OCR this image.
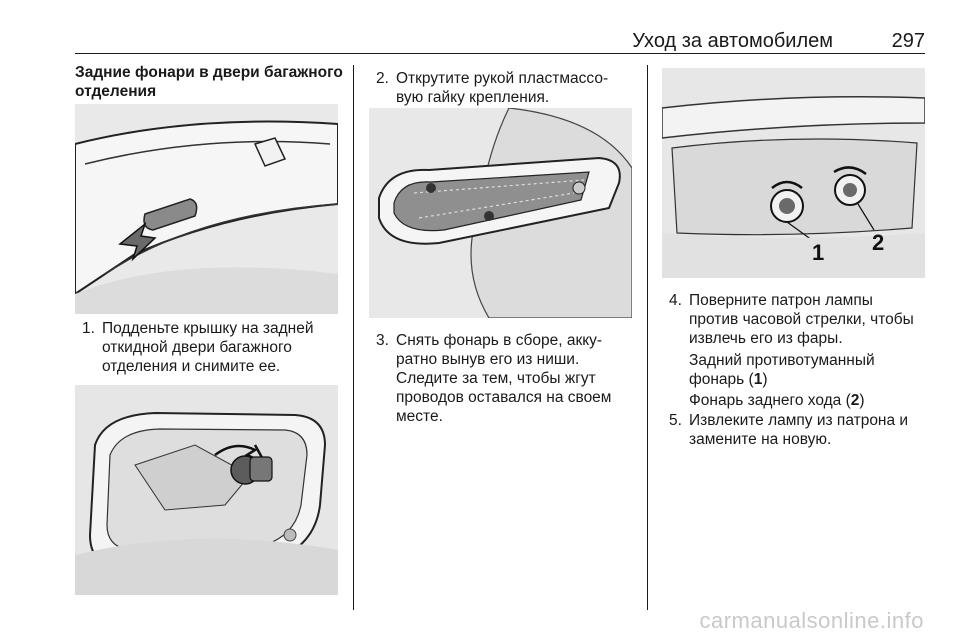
Уход за автомобилем	297
Задние фонари в двери багажного отделения
1. Подденьте крышку на задней откидной двери багажного отделения и снимите ее.
2. Открутите рукой пластмассо-вую гайку крепления.
3. Снять фонарь в сборе, акку-ратно вынув его из ниши. Следите за тем, чтобы жгут проводов оставался на своем месте.
1 2
4. Поверните патрон лампы против часовой стрелки, чтобы извлечь его из фары.
Задний противотуманный фонарь (1)
Фонарь заднего хода (2)
5. Извлеките лампу из патрона и замените на новую.
carmanualsonline.info
